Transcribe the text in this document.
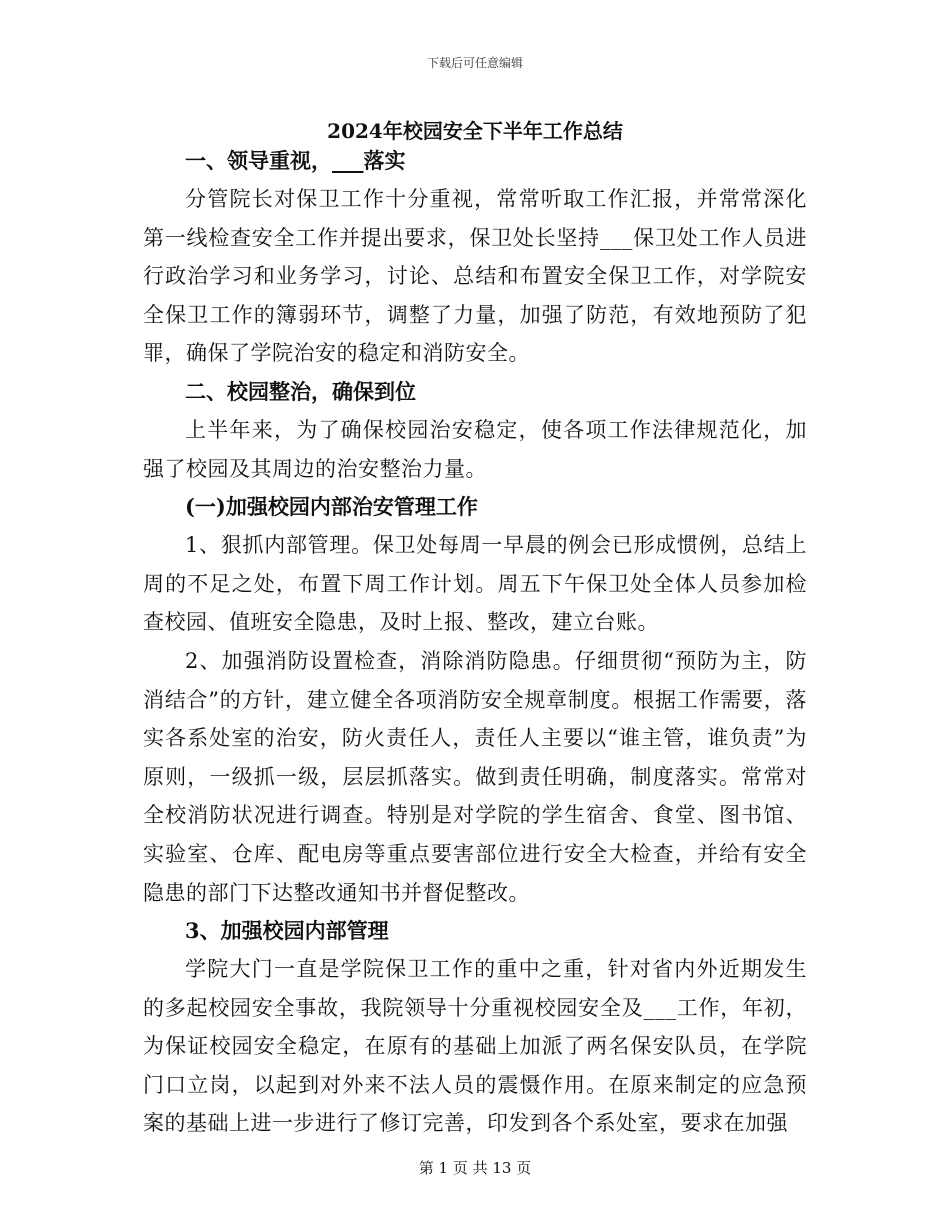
下载后可任意编辑
2024年校园安全下半年工作总结
一、领导重视，___落实
分管院长对保卫工作十分重视，常常听取工作汇报，并常常深化第一线检查安全工作并提出要求，保卫处长坚持___保卫处工作人员进行政治学习和业务学习，讨论、总结和布置安全保卫工作，对学院安全保卫工作的簿弱环节，调整了力量，加强了防范，有效地预防了犯罪，确保了学院治安的稳定和消防安全。
二、校园整治，确保到位
上半年来，为了确保校园治安稳定，使各项工作法律规范化，加强了校园及其周边的治安整治力量。
(一)加强校园内部治安管理工作
1、狠抓内部管理。保卫处每周一早晨的例会已形成惯例，总结上周的不足之处，布置下周工作计划。周五下午保卫处全体人员参加检查校园、值班安全隐患，及时上报、整改，建立台账。
2、加强消防设置检查，消除消防隐患。仔细贯彻“预防为主，防消结合”的方针，建立健全各项消防安全规章制度。根据工作需要，落实各系处室的治安，防火责任人，责任人主要以“谁主管，谁负责”为原则，一级抓一级，层层抓落实。做到责任明确，制度落实。常常对全校消防状况进行调查。特别是对学院的学生宿舍、食堂、图书馆、实验室、仓库、配电房等重点要害部位进行安全大检查，并给有安全隐患的部门下达整改通知书并督促整改。
3、加强校园内部管理
学院大门一直是学院保卫工作的重中之重，针对省内外近期发生的多起校园安全事故，我院领导十分重视校园安全及___工作，年初，为保证校园安全稳定，在原有的基础上加派了两名保安队员，在学院门口立岗，以起到对外来不法人员的震慑作用。在原来制定的应急预案的基础上进一步进行了修订完善，印发到各个系处室，要求在加强
第 1 页 共 13 页
